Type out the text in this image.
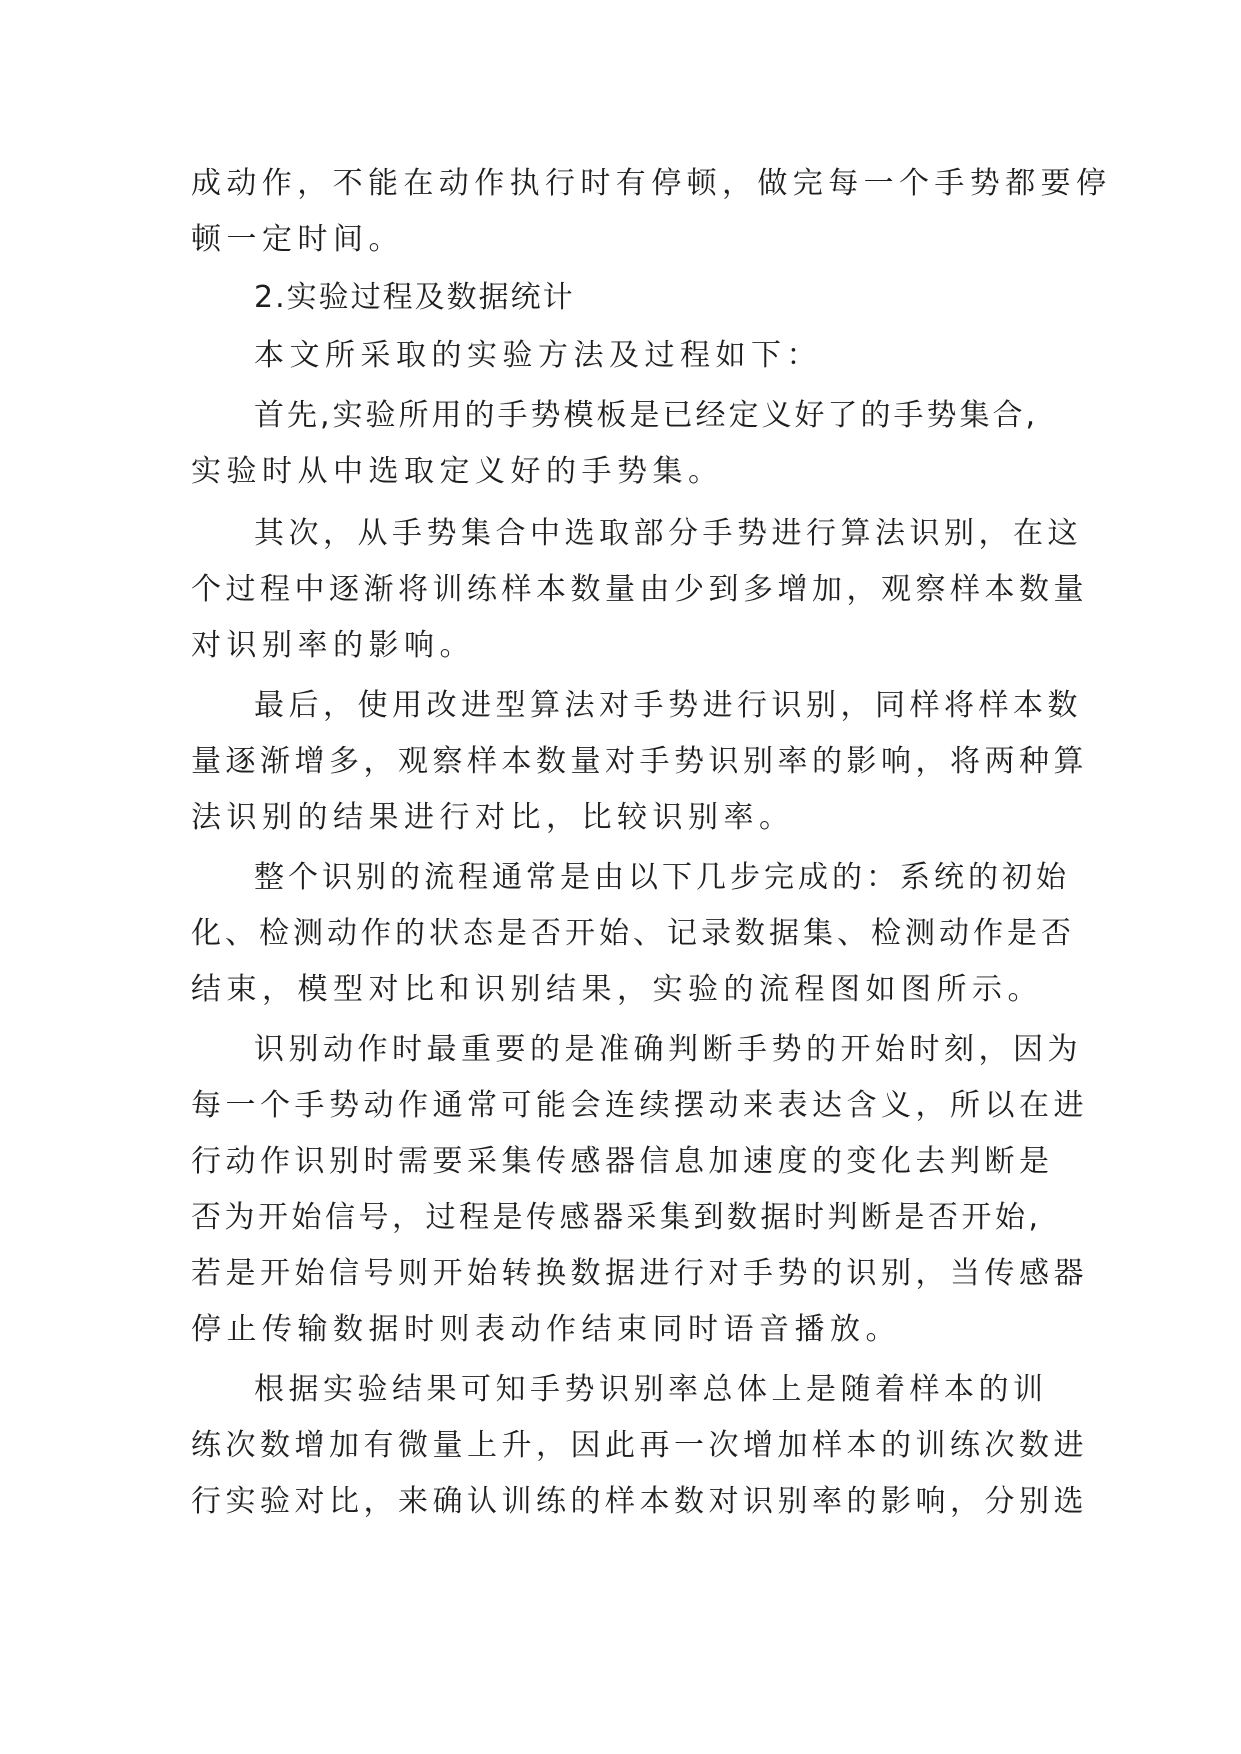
成动作，不能在动作执行时有停顿，做完每一个手势都要停
顿一定时间。
2.实验过程及数据统计
本文所采取的实验方法及过程如下：
首先,实验所用的手势模板是已经定义好了的手势集合,
实验时从中选取定义好的手势集。
其次，从手势集合中选取部分手势进行算法识别，在这
个过程中逐渐将训练样本数量由少到多增加，观察样本数量
对识别率的影响。
最后，使用改进型算法对手势进行识别，同样将样本数
量逐渐增多，观察样本数量对手势识别率的影响，将两种算
法识别的结果进行对比，比较识别率。
整个识别的流程通常是由以下几步完成的：系统的初始
化、检测动作的状态是否开始、记录数据集、检测动作是否
结束，模型对比和识别结果，实验的流程图如图所示。
识别动作时最重要的是准确判断手势的开始时刻，因为
每一个手势动作通常可能会连续摆动来表达含义，所以在进
行动作识别时需要采集传感器信息加速度的变化去判断是
否为开始信号，过程是传感器采集到数据时判断是否开始,
若是开始信号则开始转换数据进行对手势的识别，当传感器
停止传输数据时则表动作结束同时语音播放。
根据实验结果可知手势识别率总体上是随着样本的训
练次数增加有微量上升，因此再一次增加样本的训练次数进
行实验对比，来确认训练的样本数对识别率的影响，分别选
